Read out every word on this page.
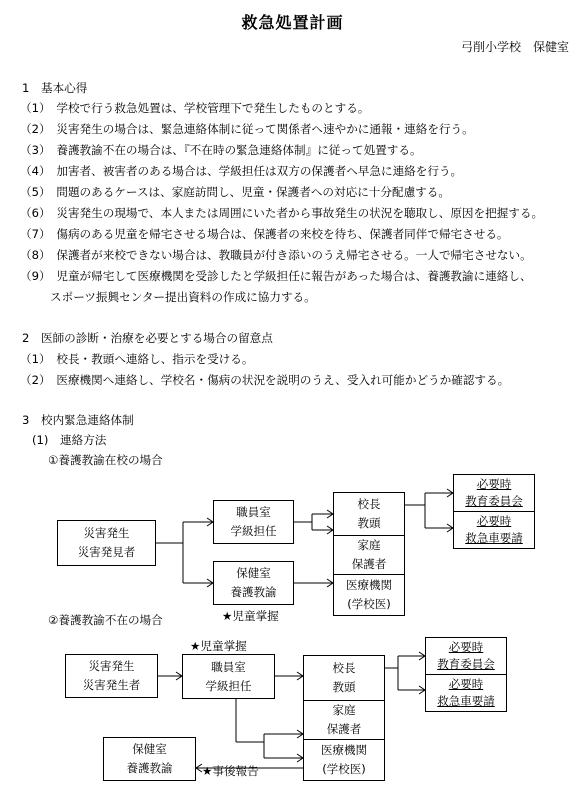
救急処置計画
弓削小学校　保健室
1　基本心得
（1）　学校で行う救急処置は、学校管理下で発生したものとする。
（2）　災害発生の場合は、緊急連絡体制に従って関係者へ速やかに通報・連絡を行う。
（3）　養護教諭不在の場合は、『不在時の緊急連絡体制』に従って処置する。
（4）　加害者、被害者のある場合は、学級担任は双方の保護者へ早急に連絡を行う。
（5）　問題のあるケースは、家庭訪問し、児童・保護者への対応に十分配慮する。
（6）　災害発生の現場で、本人または周囲にいた者から事故発生の状況を聴取し、原因を把握する。
（7）　傷病のある児童を帰宅させる場合は、保護者の来校を待ち、保護者同伴で帰宅させる。
（8）　保護者が来校できない場合は、教職員が付き添いのうえ帰宅させる。一人で帰宅させない。
（9）　児童が帰宅して医療機関を受診したと学級担任に報告があった場合は、養護教諭に連絡し、
スポーツ振興センター提出資料の作成に協力する。
2　医師の診断・治療を必要とする場合の留意点
（1）　校長・教頭へ連絡し、指示を受ける。
（2）　医療機関へ連絡し、学校名・傷病の状況を説明のうえ、受入れ可能かどうか確認する。
3　校内緊急連絡体制
(1)　連絡方法
①養護教諭在校の場合
災害発生
災害発見者
職員室
学級担任
保健室
養護教諭
★児童掌握
校長
教頭
家庭
保護者
医療機関
(学校医)
必要時
教育委員会
必要時
救急車要請
②養護教諭不在の場合
★児童掌握
災害発生
災害発生者
職員室
学級担任
校長
教頭
家庭
保護者
医療機関
(学校医)
必要時
教育委員会
必要時
救急車要請
保健室
養護教諭	★事後報告
